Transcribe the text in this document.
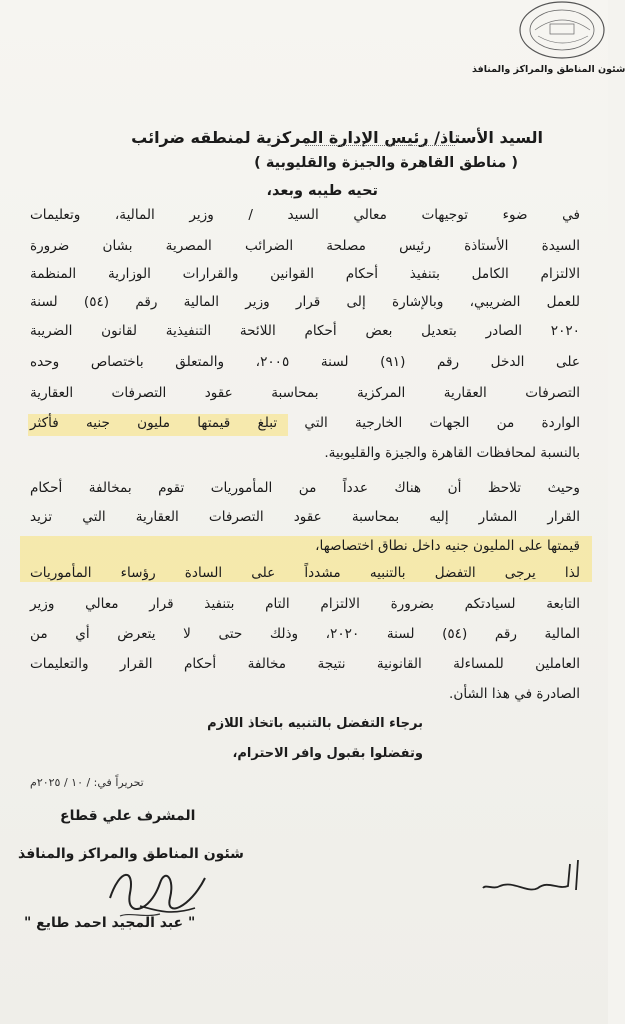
شئون المناطق والمراكز والمنافذ
السيد الأستاذ/ رئيس الإدارة المركزية لمنطقه ضرائب
( مناطق القاهرة والجيزة والقليوبية )
تحيه طيبه وبعد،
في ضوء توجيهات معالي السيد / وزير المالية، وتعليمات
السيدة الأستاذة رئيس مصلحة الضرائب المصرية بشان ضرورة
الالتزام الكامل بتنفيذ أحكام القوانين والقرارات الوزارية المنظمة
للعمل الضريبي، وبالإشارة إلى قرار وزير المالية رقم (٥٤) لسنة
٢٠٢٠ الصادر بتعديل بعض أحكام اللائحة التنفيذية لقانون الضريبة
على الدخل رقم (٩١) لسنة ٢٠٠٥، والمتعلق باختصاص وحده
التصرفات العقارية المركزية بمحاسبة عقود التصرفات العقارية
الواردة من الجهات الخارجية التي تبلغ قيمتها مليون جنيه فأكثر
بالنسبة لمحافظات القاهرة والجيزة والقليوبية.
وحيث تلاحظ أن هناك عدداً من المأموريات تقوم بمخالفة أحكام
القرار المشار إليه بمحاسبة عقود التصرفات العقارية التي تزيد
قيمتها على المليون جنيه داخل نطاق اختصاصها،
لذا يرجى التفضل بالتنبيه مشدداً على السادة رؤساء المأموريات
التابعة لسيادتكم بضرورة الالتزام التام بتنفيذ قرار معالي وزير
المالية رقم (٥٤) لسنة ٢٠٢٠، وذلك حتى لا يتعرض أي من
العاملين للمساءلة القانونية نتيجة مخالفة أحكام القرار والتعليمات
الصادرة في هذا الشأن.
برجاء التفضل بالتنبيه باتخاذ اللازم
وتفضلوا بقبول وافر الاحترام،
تحريراً في: / ١٠ / ٢٠٢٥م
المشرف علي قطاع
شئون المناطق والمراكز والمنافذ
" عبد المجيد احمد طايع "
